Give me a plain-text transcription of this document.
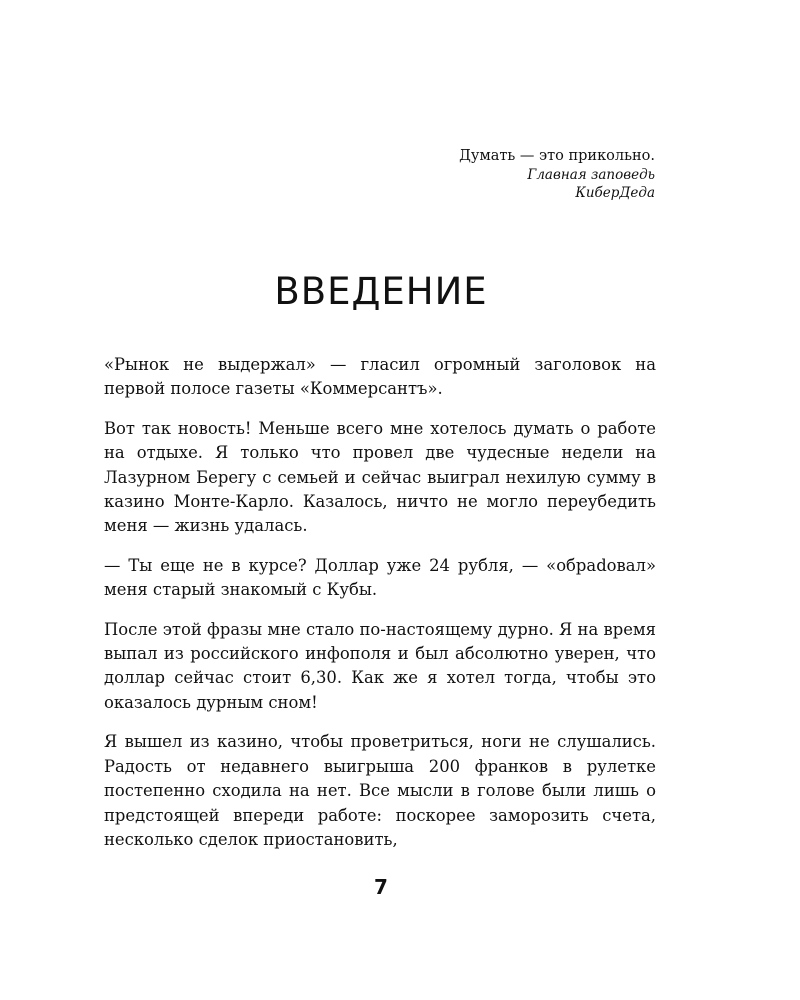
Думать — это прикольно.
Главная заповедь
КиберДеда
ВВЕДЕНИЕ

«Рынок не выдержал» — гласил огромный заголовок на первой полосе газеты «Коммерсантъ».

Вот так новость! Меньше всего мне хотелось думать о работе на отдыхе. Я только что провел две чудесные недели на Лазурном Берегу с семьей и сейчас выиграл нехилую сумму в казино Монте-Карло. Казалось, ничто не могло переубедить меня — жизнь удалась.

— Ты еще не в курсе? Доллар уже 24 рубля, — «обраdовал» меня старый знакомый с Кубы.

После этой фразы мне стало по-настоящему дурно. Я на время выпал из российского инфополя и был абсолютно уверен, что доллар сейчас стоит 6,30. Как же я хотел тогда, чтобы это оказалось дурным сном!

Я вышел из казино, чтобы проветриться, ноги не слушались. Радость от недавнего выигрыша 200 франков в рулетке постепенно сходила на нет. Все мысли в голове были лишь о предстоящей впереди работе: поскорее заморозить счета, несколько сделок приостановить,

7
